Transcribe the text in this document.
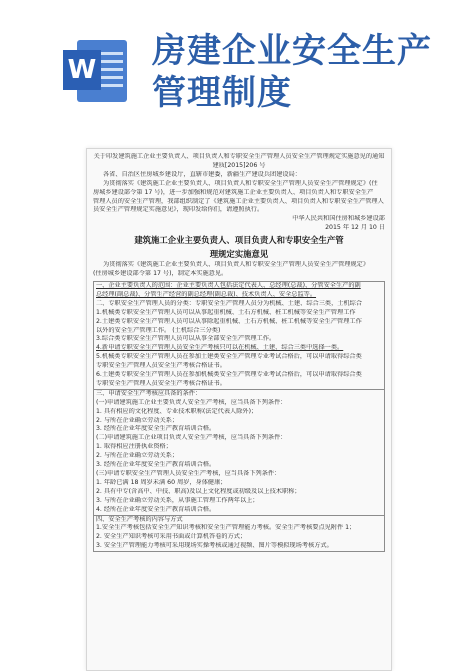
W 房建企业安全生产
管理制度

关于印发建筑施工企业主要负责人、项目负责人和专职安全生产管理人员安全生产管理规定实施意见的通知

建质[2015]206 号

各省、自治区住房城乡建设厅，直辖市建委，新疆生产建设兵团建设局：

为贯彻落实《建筑施工企业主要负责人、项目负责人和专职安全生产管理人员安全生产管理规定》(住

房城乡建设部令第 17 号)，进一步加强和规范对建筑施工企业主要负责人、项目负责人和专职安全生产

管理人员的安全生产管理，我部组织制定了《建筑施工企业主要负责人、项目负责人和专职安全生产管理人

员安全生产管理规定实施意见》，现印发给你们，请遵照执行。

中华人民共和国住房和城乡建设部

2015 年 12 月 10 日

建筑施工企业主要负责人、项目负责人和专职安全生产管

理规定实施意见

为贯彻落实《建筑施工企业主要负责人、项目负责人和专职安全生产管理人员安全生产管理规定》

(住房城乡建设部令第 17 号)，制定本实施意见。

一、企业主要负责人的范围：企业主要负责人包括法定代表人、总经理(总裁)、分管安全生产的副

总经理(副总裁)、分管生产经营的副总经理(副总裁)、技术负责人、安全总监等。

二、专职安全生产管理人员的分类：专职安全生产管理人员分为机械、土建、综合三类，土机综合

1.机械类专职安全生产管理人员可以从事起重机械、土石方机械、桩工机械等安全生产管理工作

2.土建类专职安全生产管理人员可以从事除起重机械、土石方机械、桩工机械等安全生产管理工作

以外的安全生产管理工作。 (土机综合三分类)

3.综合类专职安全生产管理人员可以从事全部安全生产管理工作。

4.新申请专职安全生产管理人员安全生产考核只可以在机械、土建、综合三类中选择一类。

5.机械类专职安全生产管理人员在参加土建类安全生产管理专业考试合格后，可以申请取得综合类

专职安全生产管理人员安全生产考核合格证书。

6.土建类专职安全生产管理人员在参加机械类安全生产管理专业考试合格后，可以申请取得综合类

专职安全生产管理人员安全生产考核合格证书。

三、申请安全生产考核应具备的条件：

(一)申请建筑施工企业主要负责人安全生产考核，应当具备下列条件：

1. 具有相应的文化程度、专业技术职称(法定代表人除外)；

2. 与所在企业确立劳动关系；

3. 经所在企业年度安全生产教育培训合格。

(二)申请建筑施工企业项目负责人安全生产考核，应当具备下列条件：

1. 取得相应注册执业资格；

2. 与所在企业确立劳动关系；

3. 经所在企业年度安全生产教育培训合格。

(三)申请专职安全生产管理人员安全生产考核，应当具备下列条件：

1. 年龄已满 18 周岁未满 60 周岁，身体健康；

2. 具有中专(含高中、中技、职高)及以上文化程度或初级及以上技术职称；

3. 与所在企业确立劳动关系，从事施工管理工作两年以上；

4. 经所在企业年度安全生产教育培训合格。

四、安全生产考核的内容与方式

1.安全生产考核包括安全生产知识考核和安全生产管理能力考核。安全生产考核要点见附件 1；

2. 安全生产知识考核可采用书面或计算机答卷的方式；

3. 安全生产管理能力考核可采用现场实操考核或通过视频、图片等模拟现场考核方式。
